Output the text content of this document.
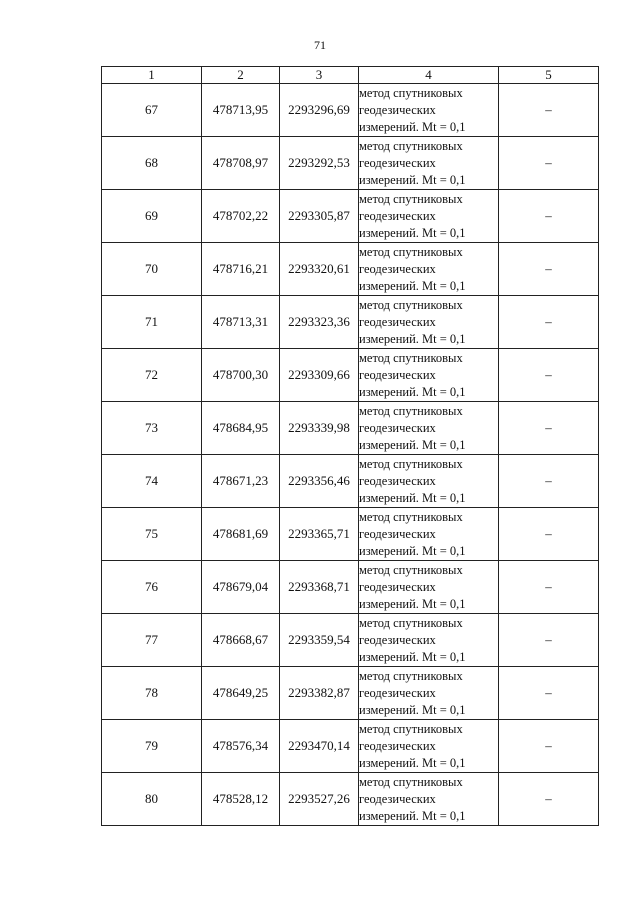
71
1	2	3	4	5
67	478713,95	2293296,69	метод спутниковых
геодезических
измерений. Mt = 0,1	–
68	478708,97	2293292,53	метод спутниковых
геодезических
измерений. Mt = 0,1	–
69	478702,22	2293305,87	метод спутниковых
геодезических
измерений. Mt = 0,1	–
70	478716,21	2293320,61	метод спутниковых
геодезических
измерений. Mt = 0,1	–
71	478713,31	2293323,36	метод спутниковых
геодезических
измерений. Mt = 0,1	–
72	478700,30	2293309,66	метод спутниковых
геодезических
измерений. Mt = 0,1	–
73	478684,95	2293339,98	метод спутниковых
геодезических
измерений. Mt = 0,1	–
74	478671,23	2293356,46	метод спутниковых
геодезических
измерений. Mt = 0,1	–
75	478681,69	2293365,71	метод спутниковых
геодезических
измерений. Mt = 0,1	–
76	478679,04	2293368,71	метод спутниковых
геодезических
измерений. Mt = 0,1	–
77	478668,67	2293359,54	метод спутниковых
геодезических
измерений. Mt = 0,1	–
78	478649,25	2293382,87	метод спутниковых
геодезических
измерений. Mt = 0,1	–
79	478576,34	2293470,14	метод спутниковых
геодезических
измерений. Mt = 0,1	–
80	478528,12	2293527,26	метод спутниковых
геодезических
измерений. Mt = 0,1	–
